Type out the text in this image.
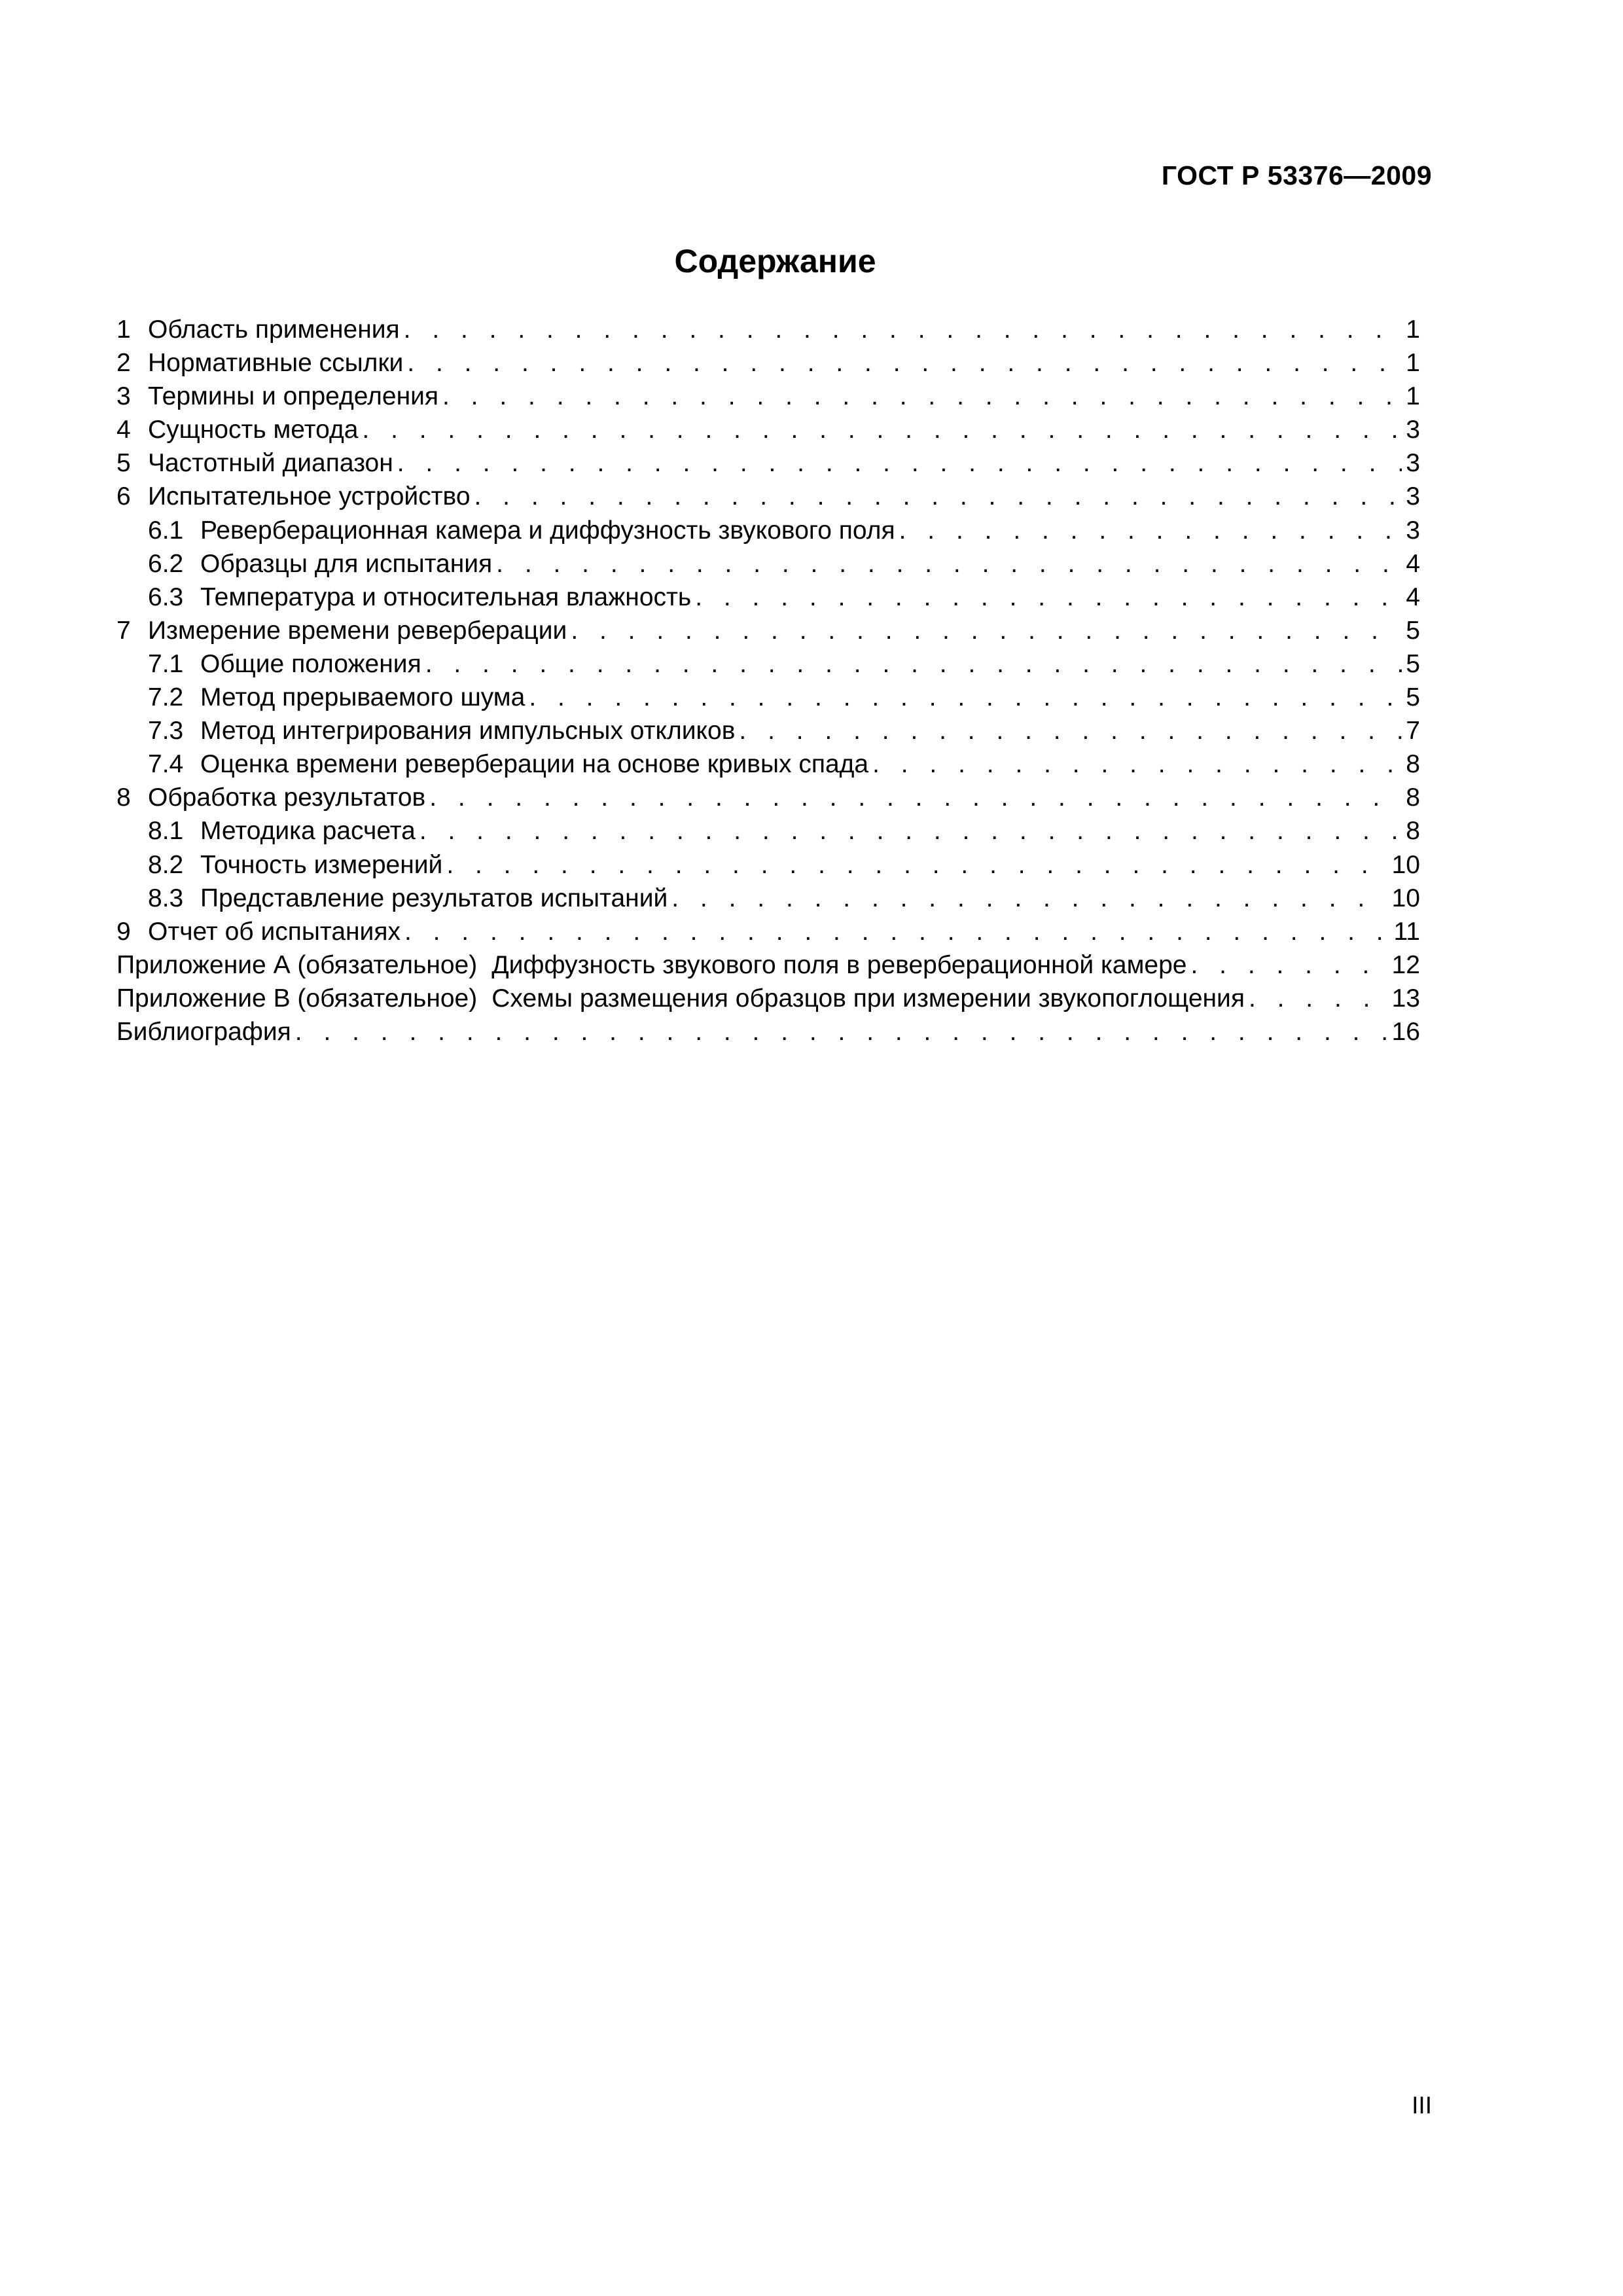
ГОСТ Р 53376—2009
Содержание
1 Область применения . . .	1
2 Нормативные ссылки . . .	1
3 Термины и определения . . .	1
4 Сущность метода . . .	3
5 Частотный диапазон . . .	3
6 Испытательное устройство . . .	3
6.1 Реверберационная камера и диффузность звукового поля . . .	3
6.2 Образцы для испытания . . .	4
6.3 Температура и относительная влажность . . .	4
7 Измерение времени реверберации . . .	5
7.1 Общие положения . . .	5
7.2 Метод прерываемого шума . . .	5
7.3 Метод интегрирования импульсных откликов . . .	7
7.4 Оценка времени реверберации на основе кривых спада . . .	8
8 Обработка результатов . . .	8
8.1 Методика расчета . . .	8
8.2 Точность измерений . . .	10
8.3 Представление результатов испытаний . . .	10
9 Отчет об испытаниях . . .	11
Приложение А (обязательное) Диффузность звукового поля в реверберационной камере . . .	12
Приложение В (обязательное) Схемы размещения образцов при измерении звукопоглощения . . .	13
Библиография . . .	16
III
